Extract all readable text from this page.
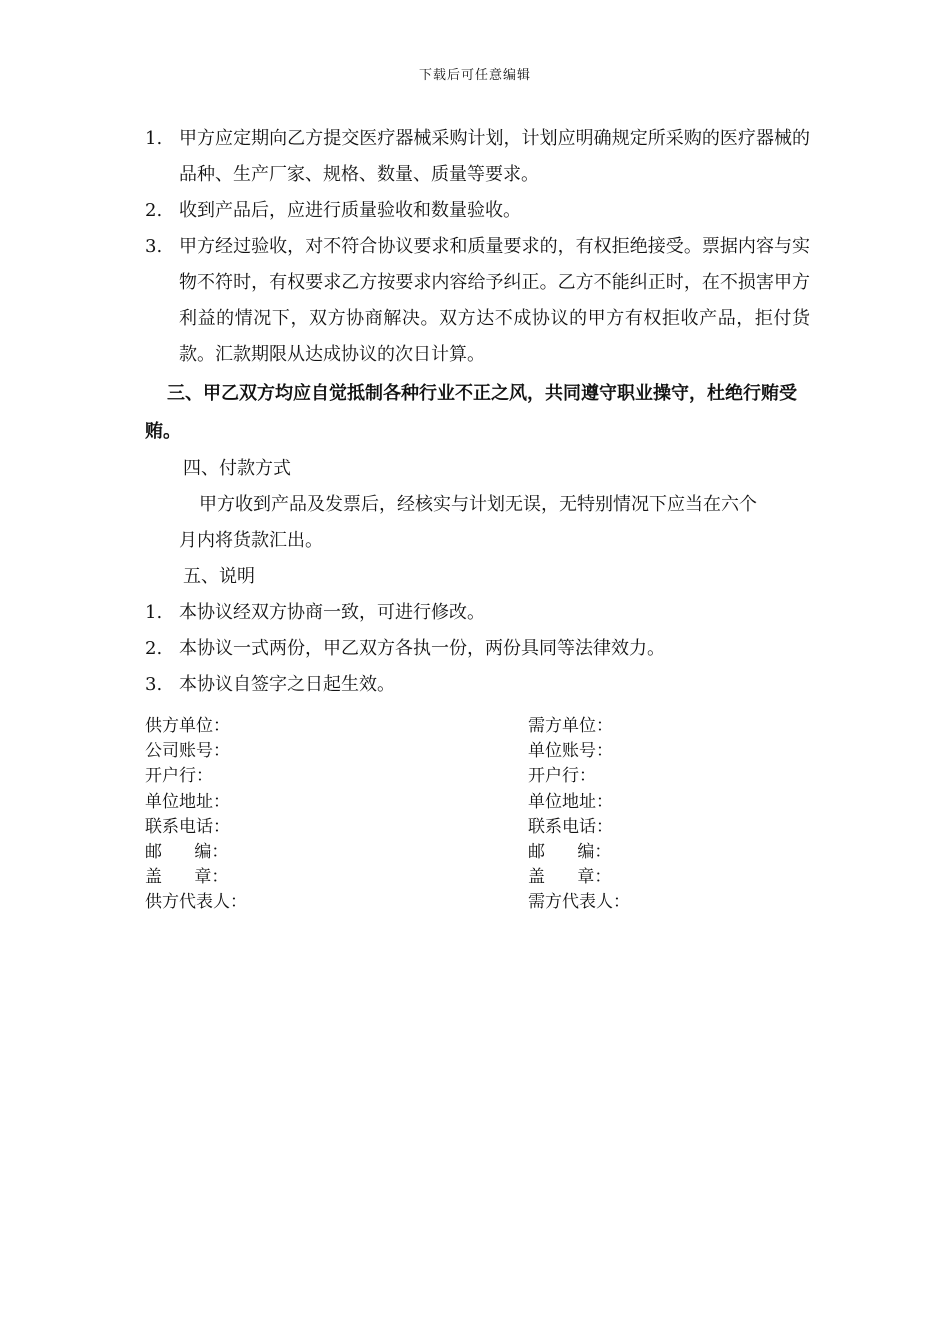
下载后可任意编辑
1. 甲方应定期向乙方提交医疗器械采购计划，计划应明确规定所采购的医疗器械的品种、生产厂家、规格、数量、质量等要求。
2. 收到产品后，应进行质量验收和数量验收。
3. 甲方经过验收，对不符合协议要求和质量要求的，有权拒绝接受。票据内容与实物不符时，有权要求乙方按要求内容给予纠正。乙方不能纠正时，在不损害甲方利益的情况下，双方协商解决。双方达不成协议的甲方有权拒收产品，拒付货款。汇款期限从达成协议的次日计算。

三、甲乙双方均应自觉抵制各种行业不正之风，共同遵守职业操守，杜绝行贿受贿。

四、付款方式

甲方收到产品及发票后，经核实与计划无误，无特别情况下应当在六个
月内将货款汇出。

五、说明

1. 本协议经双方协商一致，可进行修改。
2. 本协议一式两份，甲乙双方各执一份，两份具同等法律效力。
3. 本协议自签字之日起生效。
供方单位：
公司账号：
开户行：
单位地址：
联系电话：
邮      编：
盖      章：
供方代表人：
需方单位：
单位账号：
开户行：
单位地址：
联系电话：
邮      编：
盖      章：
需方代表人：
